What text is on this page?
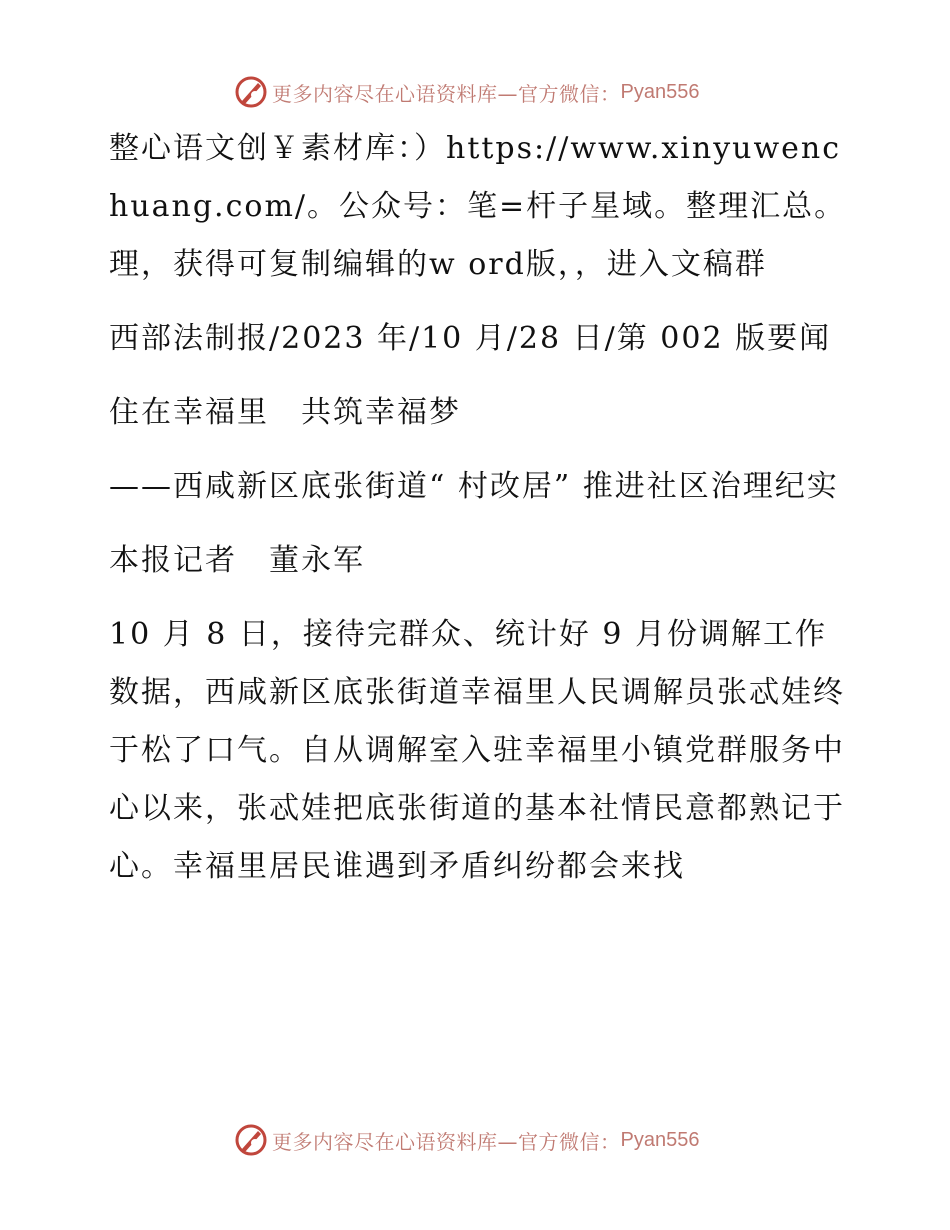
更多内容尽在心语资料库—官方微信： Pyan556

整心语文创￥素材库：）https://www.xinyuwenchuang.com/。公众号：笔=杆子星域。整理汇总。理，获得可复制编辑的w ord版，，进入文稿群

西部法制报/2023 年/10 月/28 日/第 002 版要闻

住在幸福里　共筑幸福梦

——西咸新区底张街道“ 村改居” 推进社区治理纪实

本报记者　董永军

10 月 8 日，接待完群众、统计好 9 月份调解工作数据，西咸新区底张街道幸福里人民调解员张忒娃终于松了口气。自从调解室入驻幸福里小镇党群服务中心以来，张忒娃把底张街道的基本社情民意都熟记于心。幸福里居民谁遇到矛盾纠纷都会来找

更多内容尽在心语资料库—官方微信： Pyan556
